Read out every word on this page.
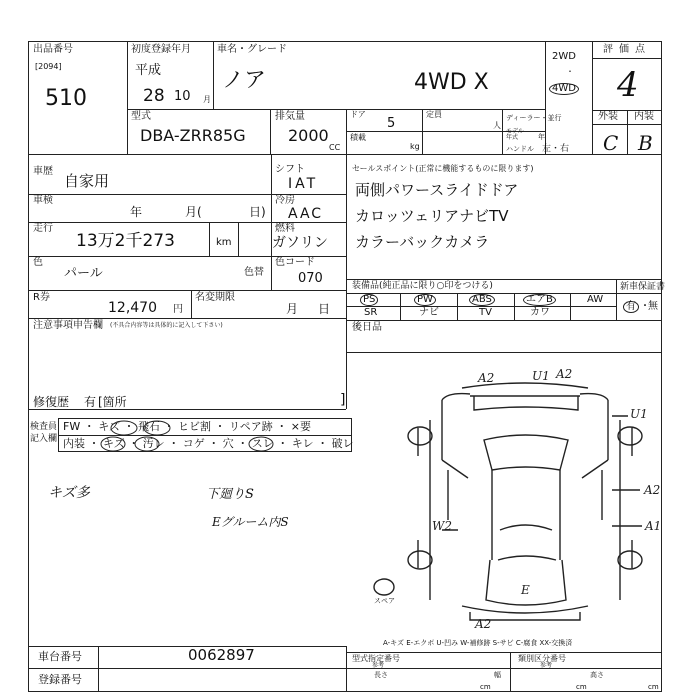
出品番号
[2094]
510
初度登録年月
平成
28 10 月
車名・グレード
ノア	4WD X
2WD
・
4WD
評価点
4
外装 内装
C B
型式
DBA-ZRR85G
排気量
2000
CC
ドア
5
定員
人
積載
kg
ディーラー・並行
モデル年式	年
ハンドル 左・右
車歴
自家用
車検
年	月(	日)
走行
13万2千273	km
色
パール	色替
シフト
IAT
冷房
AAC
燃料
ガソリン
色コード
070
R券
12,470 円
名変期限
月 日
セールスポイント(正常に機能するものに限ります)
両側パワースライドドア
カロッツェリアナビTV
カラーバックカメラ
装備品(純正品に限り○印をつける)
PS	PW	ABS	エアB	AW
SR	ナビ	TV	カワ
新車保証書
有 ・
無
後日品
注意事項申告欄 (不具合内容等は具体的に記入して下さい)
修復歴 有 [箇所	]
検査員
記入欄
FW ・ キズ ・ 飛石 ・ ヒビ割 ・ リペア跡 ・ ×要
内装 ・ キズ ・ 汚レ ・ コゲ ・ 穴 ・ スレ ・ キレ ・ 破レ
キズ多	下廻りS
Eグルーム内S
A2	U1 A2
U1
A2
A1
W2
E
A2
スペア
A-キズ E-エクボ U-凹み W-補修跡 S-サビ C-腐食 XX-交換済
車台番号	0062897
登録番号
型式指定番号
参考
類別区分番号
参考
長さ	幅	高さ
cm	cm	cm
